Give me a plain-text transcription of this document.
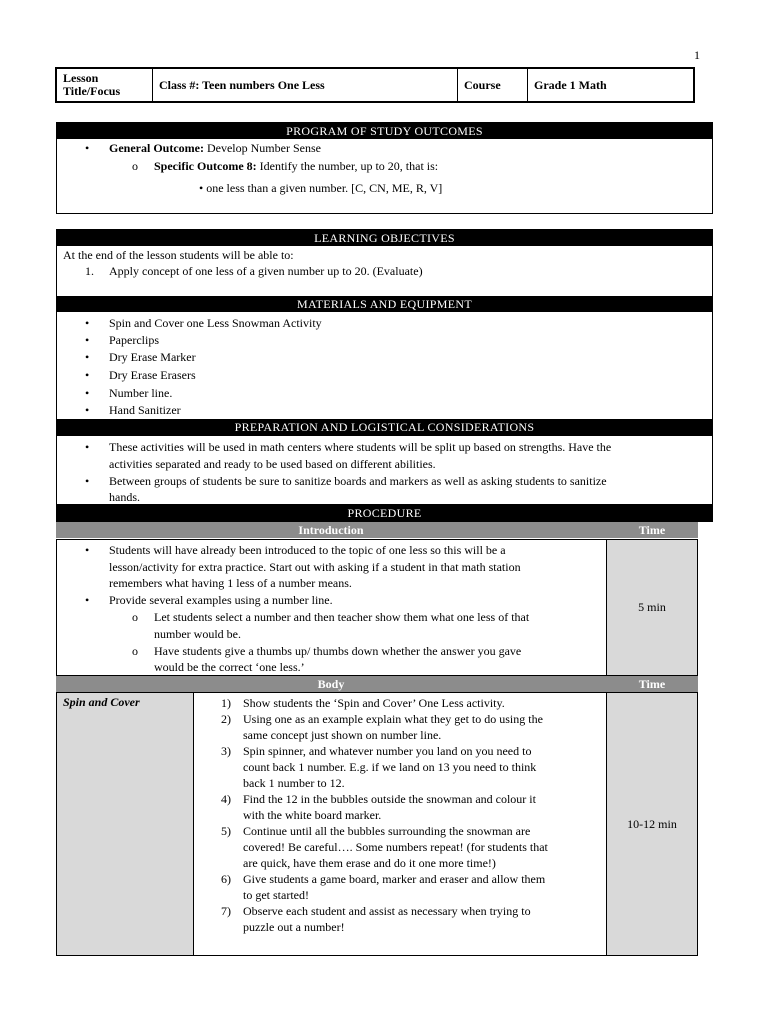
1
Lesson Title/Focus	Class #: Teen numbers One Less	Course	Grade 1 Math
PROGRAM OF STUDY OUTCOMES
• General Outcome: Develop Number Sense
o Specific Outcome 8: Identify the number, up to 20, that is:
• one less than a given number. [C, CN, ME, R, V]
LEARNING OBJECTIVES
At the end of the lesson students will be able to:
1. Apply concept of one less of a given number up to 20. (Evaluate)
MATERIALS AND EQUIPMENT
• Spin and Cover one Less Snowman Activity
• Paperclips
• Dry Erase Marker
• Dry Erase Erasers
• Number line.
• Hand Sanitizer
PREPARATION AND LOGISTICAL CONSIDERATIONS
• These activities will be used in math centers where students will be split up based on strengths. Have the
activities separated and ready to be used based on different abilities.
• Between groups of students be sure to sanitize boards and markers as well as asking students to sanitize
hands.
PROCEDURE
Introduction	Time
• Students will have already been introduced to the topic of one less so this will be a
lesson/activity for extra practice. Start out with asking if a student in that math station
remembers what having 1 less of a number means.
• Provide several examples using a number line.
o Let students select a number and then teacher show them what one less of that
number would be.
o Have students give a thumbs up/ thumbs down whether the answer you gave
would be the correct ‘one less.’
5 min
Body	Time
Spin and Cover	1) Show students the ‘Spin and Cover’ One Less activity.
2) Using one as an example explain what they get to do using the
same concept just shown on number line.
3) Spin spinner, and whatever number you land on you need to
count back 1 number. E.g. if we land on 13 you need to think
back 1 number to 12.
4) Find the 12 in the bubbles outside the snowman and colour it
with the white board marker.
5) Continue until all the bubbles surrounding the snowman are
covered! Be careful…. Some numbers repeat! (for students that
are quick, have them erase and do it one more time!)
6) Give students a game board, marker and eraser and allow them
to get started!
7) Observe each student and assist as necessary when trying to
puzzle out a number!
10-12 min
